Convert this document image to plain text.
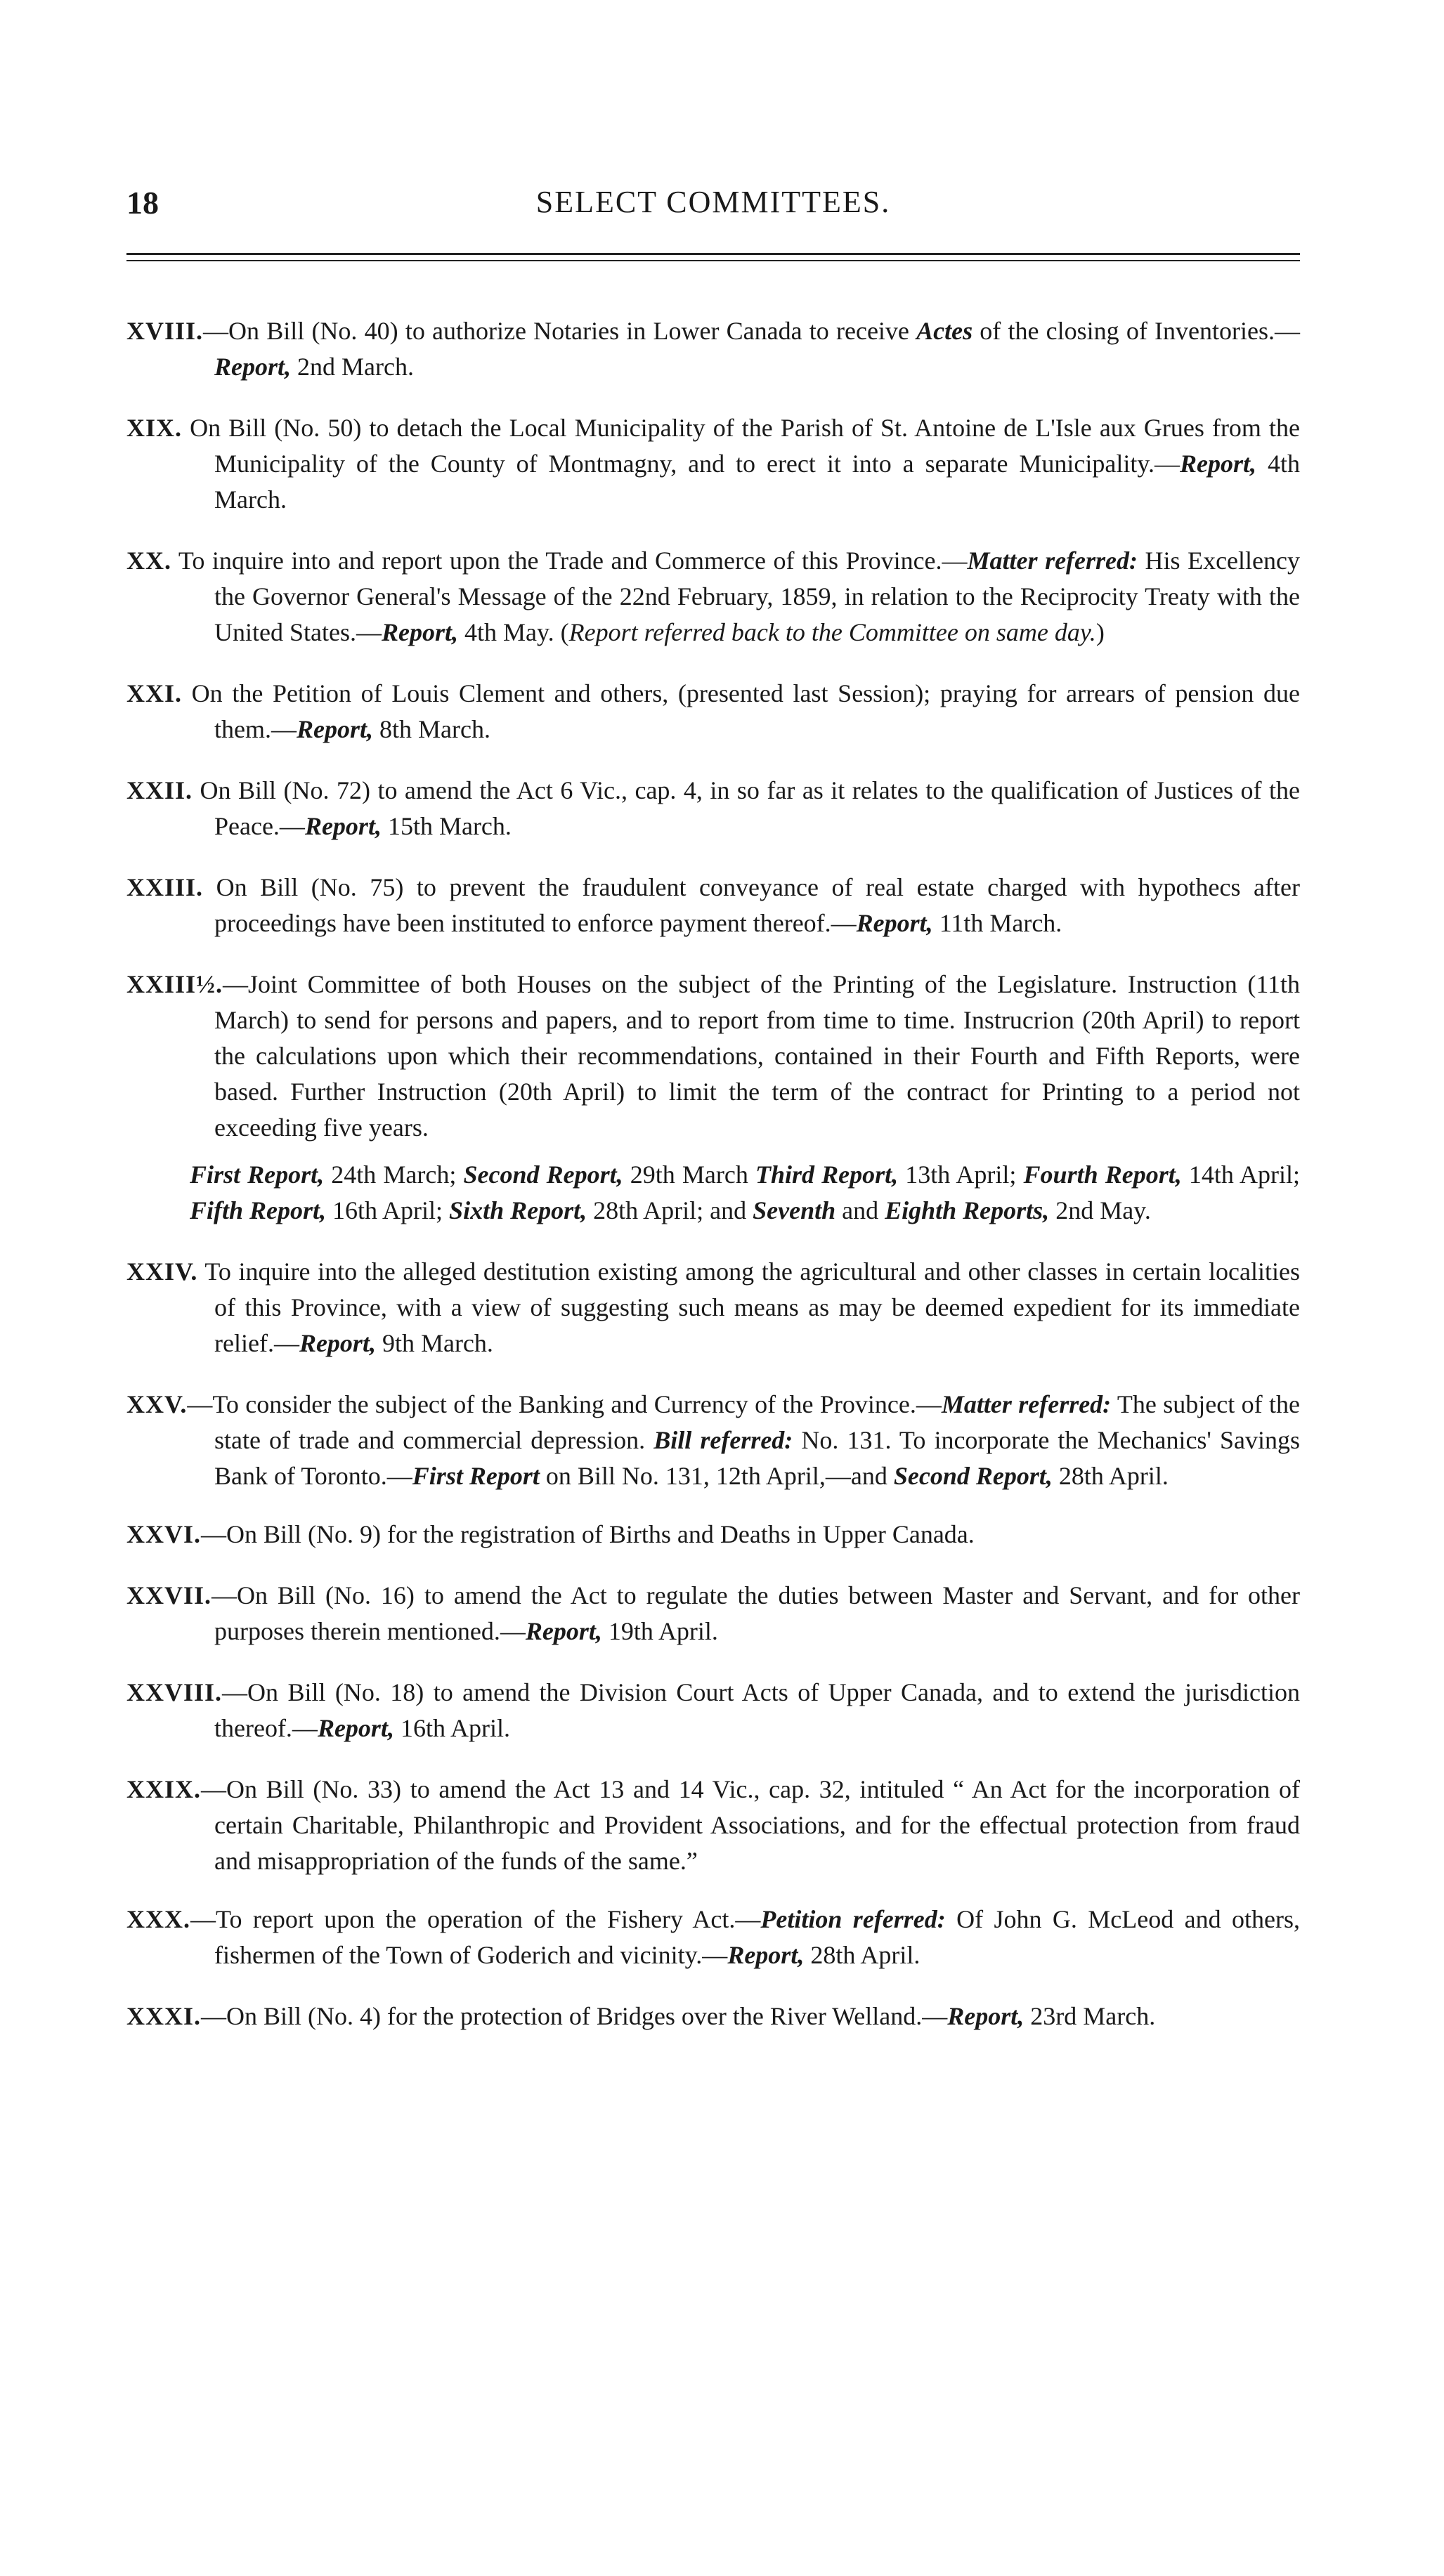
18	SELECT COMMITTEES.

XVIII.—On Bill (No. 40) to authorize Notaries in Lower Canada to receive Actes of the closing of Inventories.—Report, 2nd March.

XIX. On Bill (No. 50) to detach the Local Municipality of the Parish of St. Antoine de L'Isle aux Grues from the Municipality of the County of Montmagny, and to erect it into a separate Municipality.—Report, 4th March.

XX. To inquire into and report upon the Trade and Commerce of this Province.—Matter referred: His Excellency the Governor General's Message of the 22nd February, 1859, in relation to the Reciprocity Treaty with the United States.—Report, 4th May. (Report referred back to the Committee on same day.)

XXI. On the Petition of Louis Clement and others, (presented last Session); praying for arrears of pension due them.—Report, 8th March.

XXII. On Bill (No. 72) to amend the Act 6 Vic., cap. 4, in so far as it relates to the qualification of Justices of the Peace.—Report, 15th March.

XXIII. On Bill (No. 75) to prevent the fraudulent conveyance of real estate charged with hypothecs after proceedings have been instituted to enforce payment thereof.—Report, 11th March.

XXIII½.—Joint Committee of both Houses on the subject of the Printing of the Legislature. Instruction (11th March) to send for persons and papers, and to report from time to time. Instrucrion (20th April) to report the calculations upon which their recommendations, contained in their Fourth and Fifth Reports, were based. Further Instruction (20th April) to limit the term of the contract for Printing to a period not exceeding five years.

First Report, 24th March; Second Report, 29th March Third Report, 13th April; Fourth Report, 14th April; Fifth Report, 16th April; Sixth Report, 28th April; and Seventh and Eighth Reports, 2nd May.

XXIV. To inquire into the alleged destitution existing among the agricultural and other classes in certain localities of this Province, with a view of suggesting such means as may be deemed expedient for its immediate relief.—Report, 9th March.

XXV.—To consider the subject of the Banking and Currency of the Province.—Matter referred: The subject of the state of trade and commercial depression. Bill referred: No. 131. To incorporate the Mechanics' Savings Bank of Toronto.—First Report on Bill No. 131, 12th April,—and Second Report, 28th April.

XXVI.—On Bill (No. 9) for the registration of Births and Deaths in Upper Canada.

XXVII.—On Bill (No. 16) to amend the Act to regulate the duties between Master and Servant, and for other purposes therein mentioned.—Report, 19th April.

XXVIII.—On Bill (No. 18) to amend the Division Court Acts of Upper Canada, and to extend the jurisdiction thereof.—Report, 16th April.

XXIX.—On Bill (No. 33) to amend the Act 13 and 14 Vic., cap. 32, intituled “ An Act for the incorporation of certain Charitable, Philanthropic and Provident Associations, and for the effectual protection from fraud and misappropriation of the funds of the same.”

XXX.—To report upon the operation of the Fishery Act.—Petition referred: Of John G. McLeod and others, fishermen of the Town of Goderich and vicinity.—Report, 28th April.

XXXI.—On Bill (No. 4) for the protection of Bridges over the River Welland.—Report, 23rd March.
